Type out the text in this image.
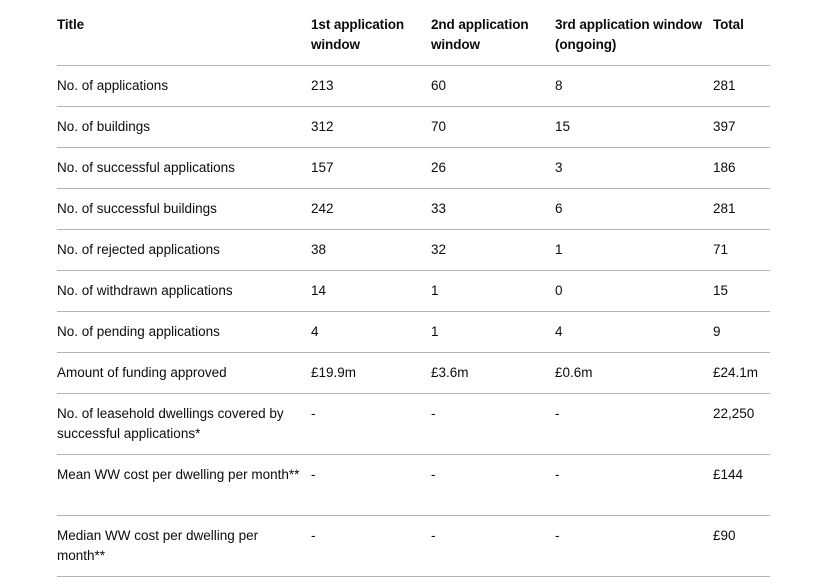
Title	1st application window	2nd application window	3rd application window (ongoing)	Total
No. of applications	213	60	8	281
No. of buildings	312	70	15	397
No. of successful applications	157	26	3	186
No. of successful buildings	242	33	6	281
No. of rejected applications	38	32	1	71
No. of withdrawn applications	14	1	0	15
No. of pending applications	4	1	4	9
Amount of funding approved	£19.9m	£3.6m	£0.6m	£24.1m
No. of leasehold dwellings covered by successful applications*	-	-	-	22,250
Mean WW cost per dwelling per month**	-	-	-	£144
Median WW cost per dwelling per month**	-	-	-	£90
